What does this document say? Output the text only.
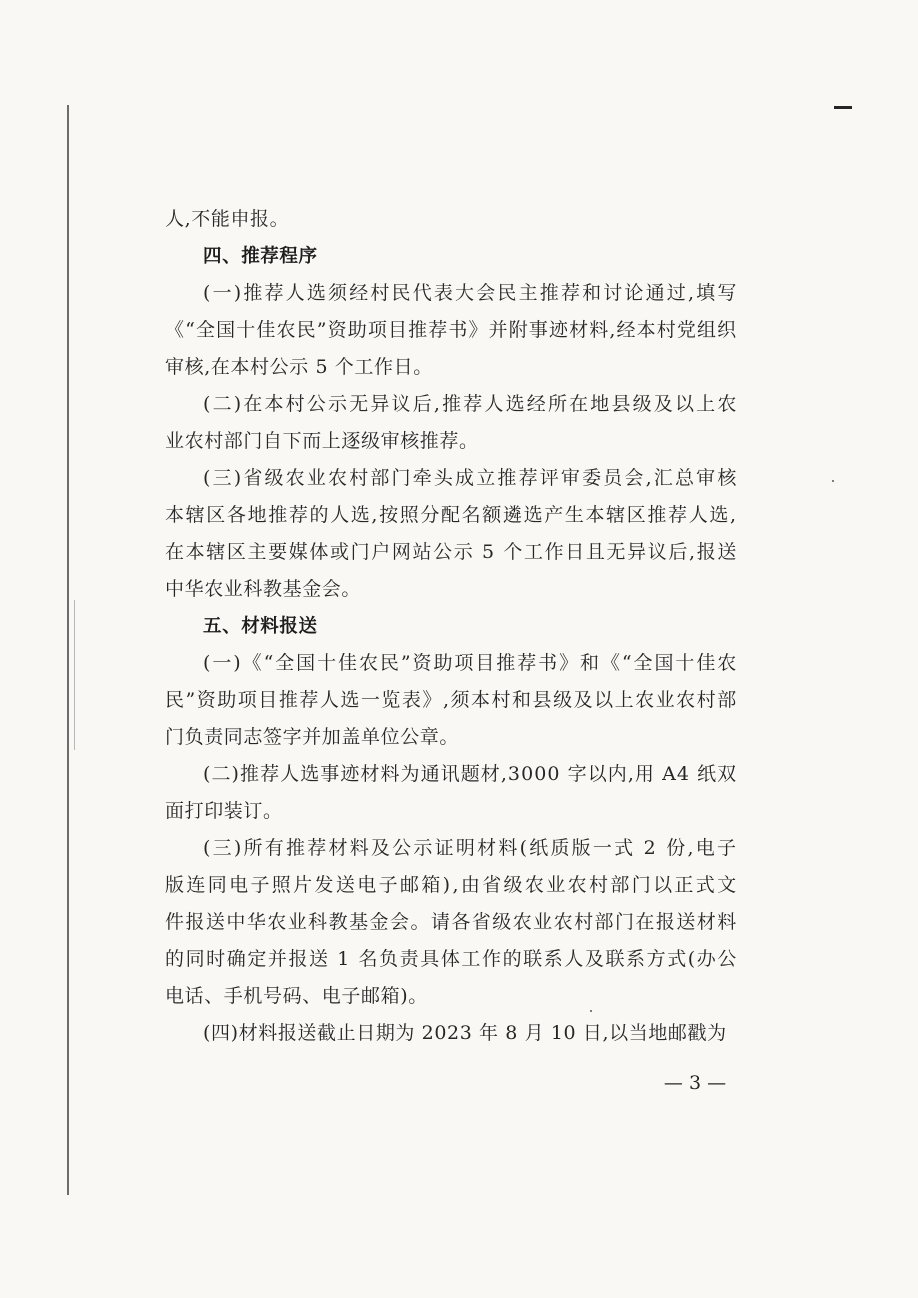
人,不能申报。
四、推荐程序
( 一 ) 推 荐 人 选 须 经 村 民 代 表 大 会 民 主 推 荐 和 讨 论 通 过 , 填 写
《 “ 全 国 十 佳 农 民 ” 资 助 项 目 推 荐 书 》 并 附 事 迹 材 料 , 经 本 村 党 组 织
审核,在本村公示 5 个工作日。
( 二 ) 在 本 村 公 示 无 异 议 后 , 推 荐 人 选 经 所 在 地 县 级 及 以 上 农
业农村部门自下而上逐级审核推荐。
( 三 ) 省 级 农 业 农 村 部 门 牵 头 成 立 推 荐 评 审 委 员 会 , 汇 总 审 核
本 辖 区 各 地 推 荐 的 人 选 , 按 照 分 配 名 额 遴 选 产 生 本 辖 区 推 荐 人 选 ,
在 本 辖 区 主 要 媒 体 或 门 户 网 站 公 示
5
个 工 作 日 且 无 异 议 后 , 报 送
中华农业科教基金会。
五、材料报送
( 一 ) 《 “ 全 国 十 佳 农 民 ” 资 助 项 目 推 荐 书 》 和 《 “ 全 国 十 佳 农
民 ” 资 助 项 目 推 荐 人 选 一 览 表 》 , 须 本 村 和 县 级 及 以 上 农 业 农 村 部
门负责同志签字并加盖单位公章。
( 二 ) 推 荐 人 选 事 迹 材 料 为 通 讯 题 材 , 3 0 0 0
字 以 内 , 用
A 4
纸 双
面打印装订。
( 三 ) 所 有 推 荐 材 料 及 公 示 证 明 材 料 ( 纸 质 版 一 式
2
份 , 电 子
版 连 同 电 子 照 片 发 送 电 子 邮 箱 ) , 由 省 级 农 业 农 村 部 门 以 正 式 文
件 报 送 中 华 农 业 科 教 基 金 会 。 请 各 省 级 农 业 农 村 部 门 在 报 送 材 料
的 同 时 确 定 并 报 送
1
名 负 责 具 体 工 作 的 联 系 人 及 联 系 方 式 ( 办 公
电话、手机号码、电子邮箱)。
(四)材料报送截止日期为 2023 年 8 月 10 日,以当地邮戳为
— 3 —
